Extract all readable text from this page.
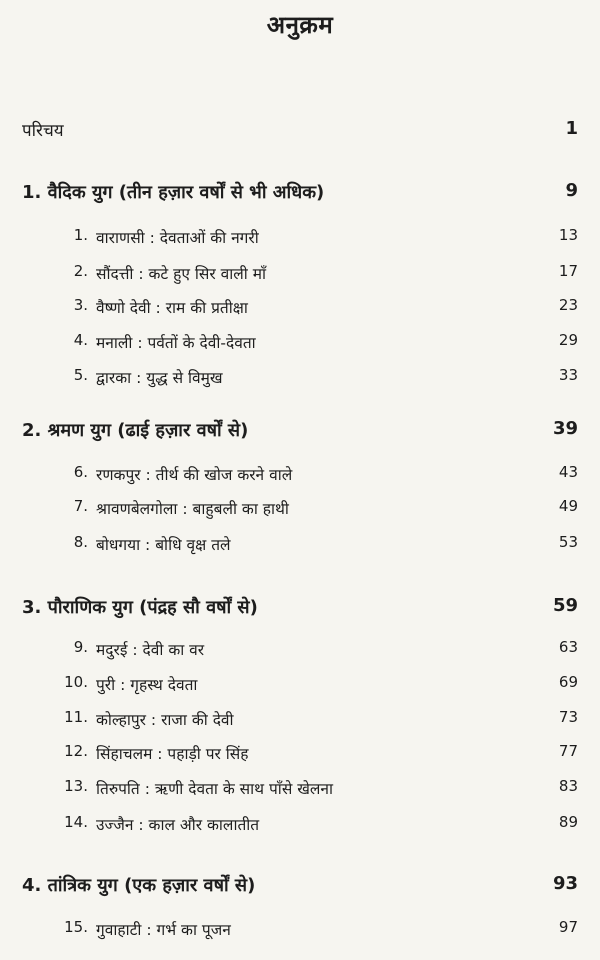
अनुक्रम
परिचय	1
1. वैदिक युग (तीन हज़ार वर्षों से भी अधिक)	9
1. वाराणसी : देवताओं की नगरी	13
2. सौंदत्ती : कटे हुए सिर वाली माँ	17
3. वैष्णो देवी : राम की प्रतीक्षा	23
4. मनाली : पर्वतों के देवी-देवता	29
5. द्वारका : युद्ध से विमुख	33
2. श्रमण युग (ढाई हज़ार वर्षों से)	39
6. रणकपुर : तीर्थ की खोज करने वाले	43
7. श्रावणबेलगोला : बाहुबली का हाथी	49
8. बोधगया : बोधि वृक्ष तले	53
3. पौराणिक युग (पंद्रह सौ वर्षों से)	59
9. मदुरई : देवी का वर	63
10. पुरी : गृहस्थ देवता	69
11. कोल्हापुर : राजा की देवी	73
12. सिंहाचलम : पहाड़ी पर सिंह	77
13. तिरुपति : ऋणी देवता के साथ पाँसे खेलना	83
14. उज्जैन : काल और कालातीत	89
4. तांत्रिक युग (एक हज़ार वर्षों से)	93
15. गुवाहाटी : गर्भ का पूजन	97
